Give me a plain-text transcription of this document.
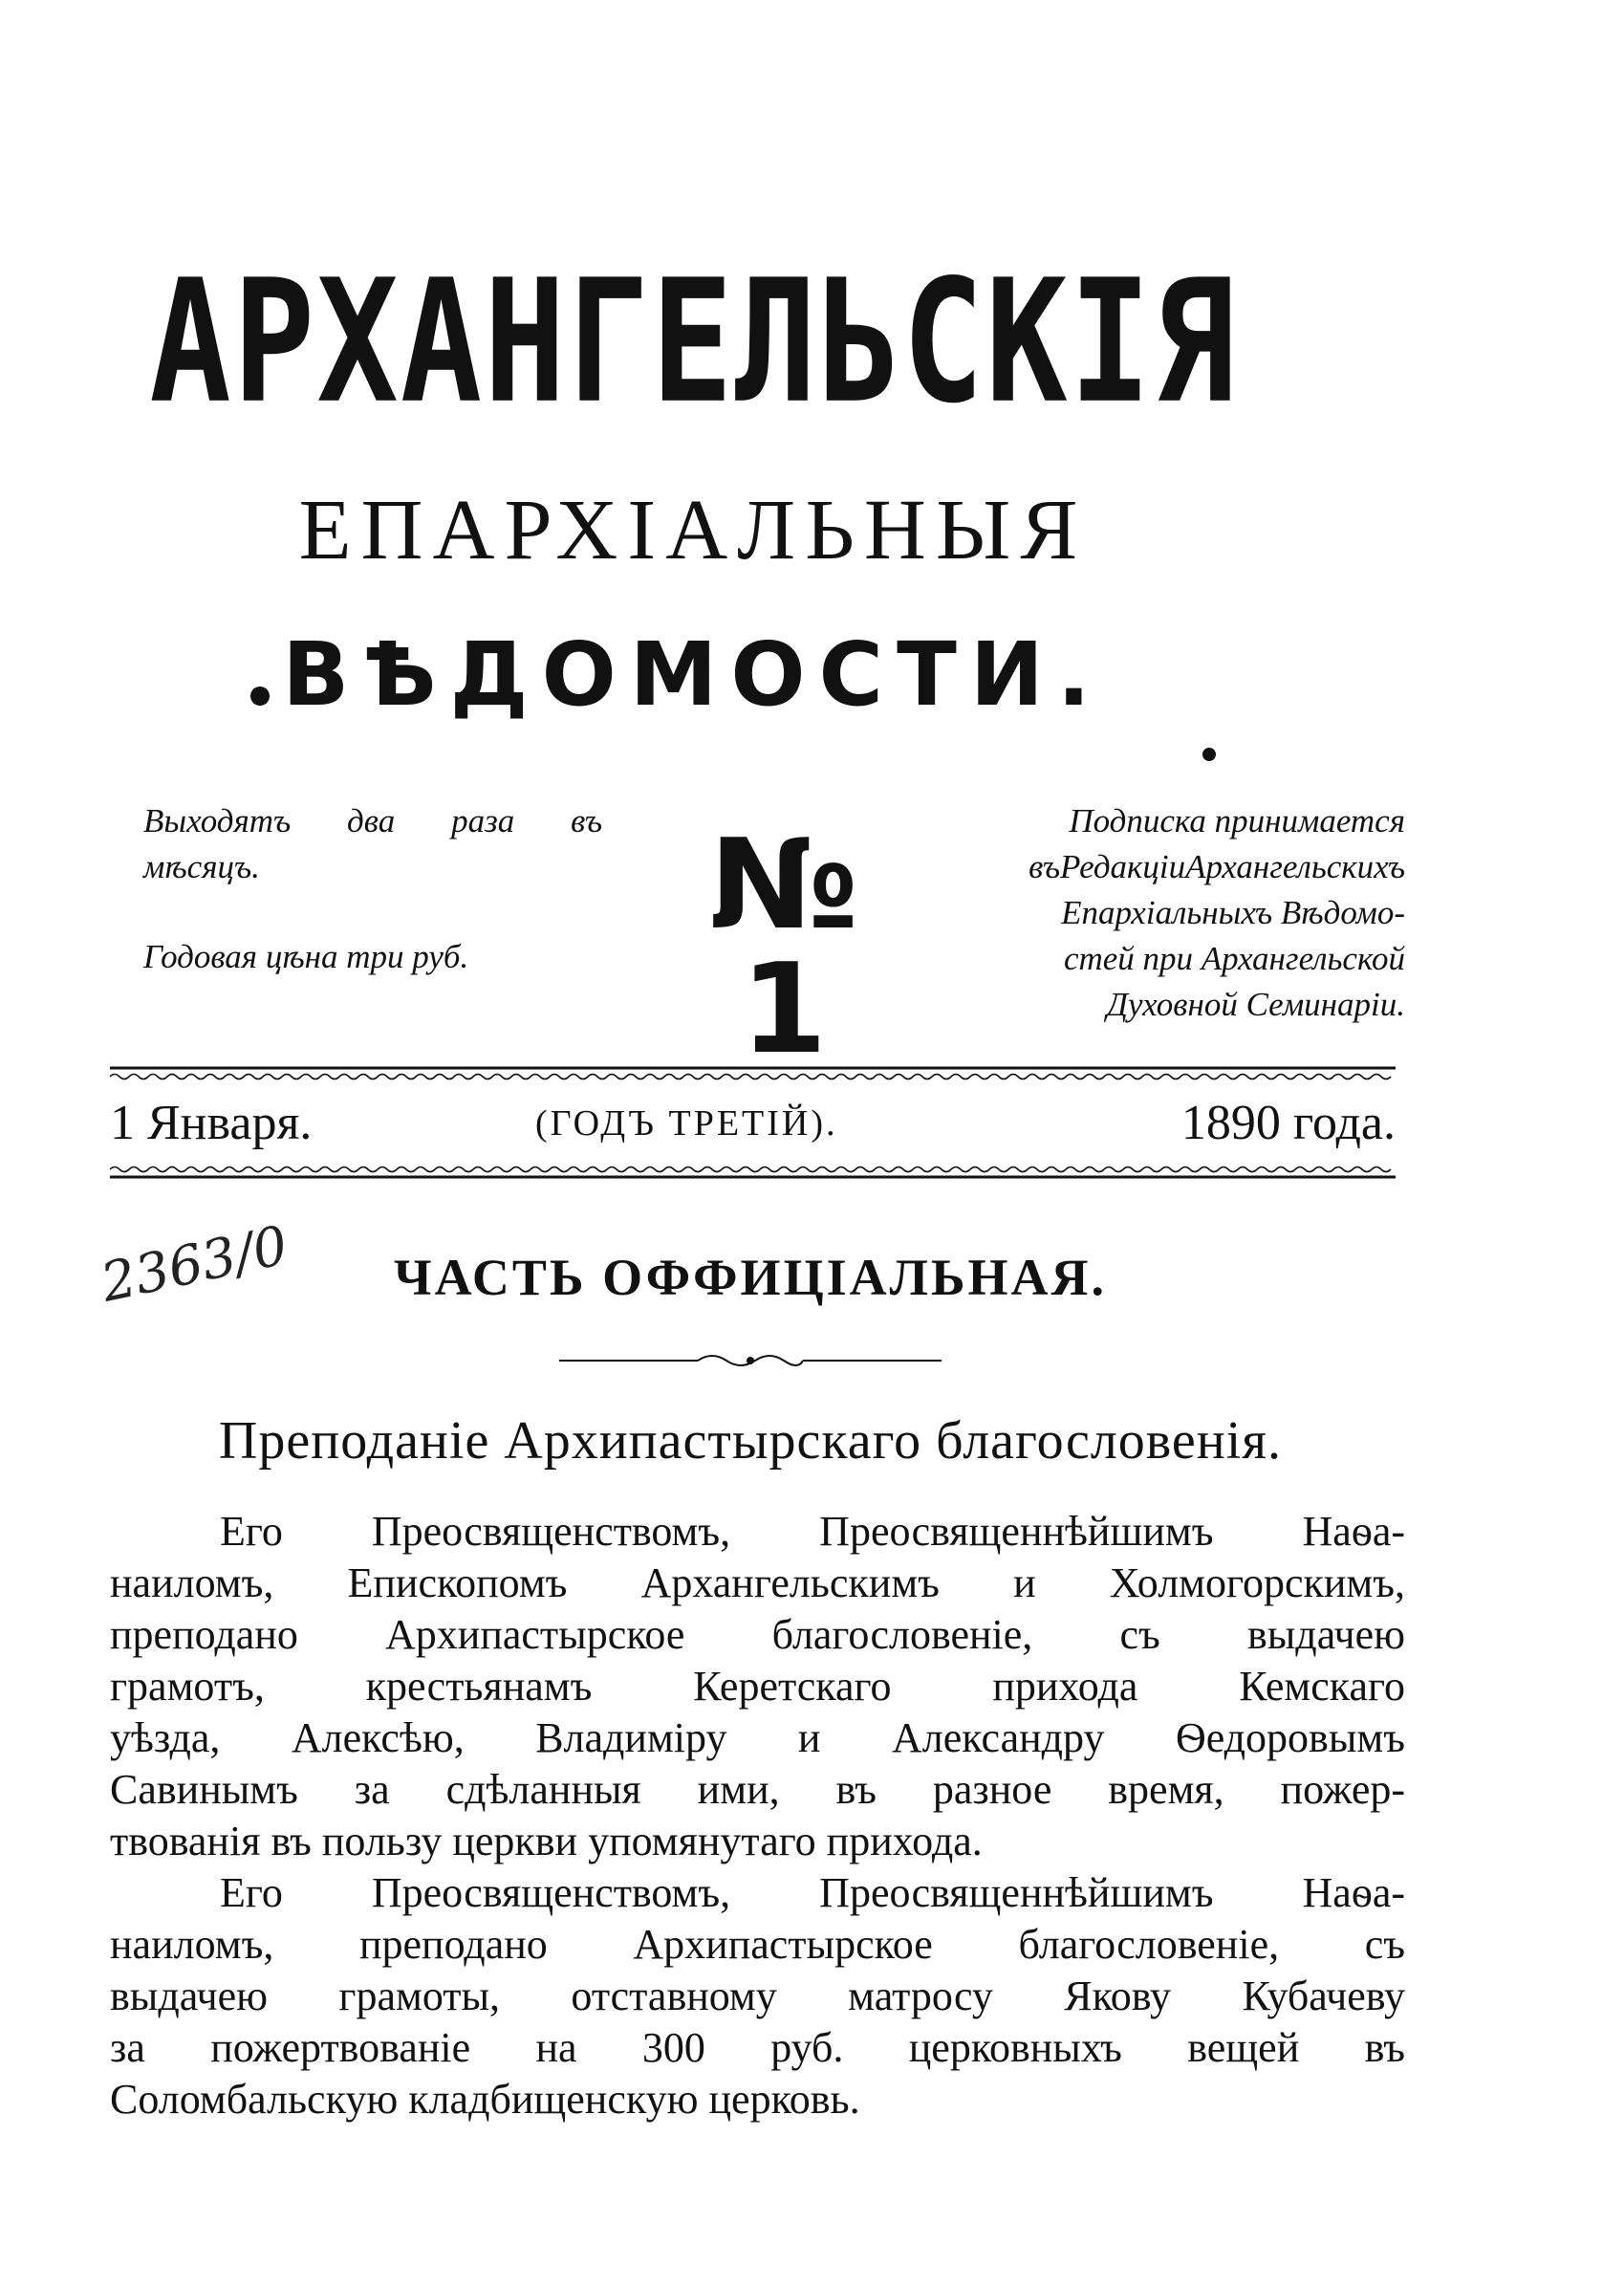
АРХАНГЕЛЬСКІЯ
ЕПАРХІАЛЬНЫЯ
ВѢДОМОСТИ.
Выходятъ два раза въ
мѣсяцъ.
Годовая цѣна три руб.	№ 1
Подписка принимается
въРедакціиАрхангельскихъ
Епархіальныхъ Вѣдомо-
стей при Архангельской
Духовной Семинаріи.
1 Января.	(ГОДЪ ТРЕТІЙ).	1890 года.
2363/0	ЧАСТЬ ОФФИЦІАЛЬНАЯ.
Преподаніе Архипастырскаго благословенія.
Его Преосвященствомъ, Преосвященнѣйшимъ Наѳа-
наиломъ, Епископомъ Архангельскимъ и Холмогорскимъ,
преподано Архипастырское благословеніе, съ выдачею
грамотъ, крестьянамъ Керетскаго прихода Кемскаго
уѣзда, Алексѣю, Владиміру и Александру Ѳедоровымъ
Савинымъ за сдѣланныя ими, въ разное время, пожер-
твованія въ пользу церкви упомянутаго прихода.
Его Преосвященствомъ, Преосвященнѣйшимъ Наѳа-
наиломъ, преподано Архипастырское благословеніе, съ
выдачею грамоты, отставному матросу Якову Кубачеву
за пожертвованіе на 300 руб. церковныхъ вещей въ
Соломбальскую кладбищенскую церковь.
